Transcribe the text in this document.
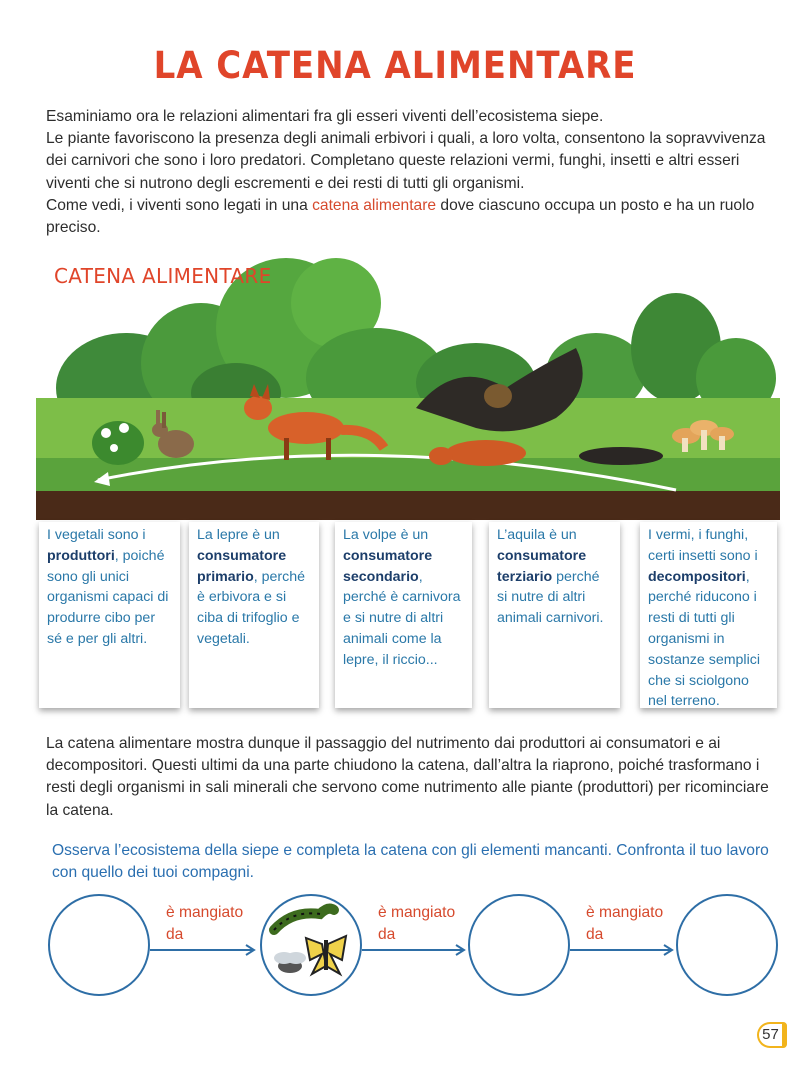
LA CATENA ALIMENTARE

Esaminiamo ora le relazioni alimentari fra gli esseri viventi dell’ecosistema siepe.

Le piante favoriscono la presenza degli animali erbivori i quali, a loro volta, consentono la sopravvivenza dei carnivori che sono i loro predatori. Completano queste relazioni vermi, funghi, insetti e altri esseri viventi che si nutrono degli escrementi e dei resti di tutti gli organismi.

Come vedi, i viventi sono legati in una catena alimentare dove ciascuno occupa un posto e ha un ruolo preciso.

CATENA ALIMENTARE
I vegetali sono i produttori, poiché sono gli unici organismi capaci di produrre cibo per sé e per gli altri.
La lepre è un consumatore primario, perché è erbivora e si ciba di trifoglio e vegetali.
La volpe è un consumatore secondario, perché è carnivora e si nutre di altri animali come la lepre, il riccio...
L’aquila è un consumatore terziario perché si nutre di altri animali carnivori.
I vermi, i funghi, certi insetti sono i decompositori, perché riducono i resti di tutti gli organismi in sostanze semplici che si sciolgono nel terreno.
La catena alimentare mostra dunque il passaggio del nutrimento dai produttori ai consumatori e ai decompositori. Questi ultimi da una parte chiudono la catena, dall’altra la riaprono, poiché trasformano i resti degli organismi in sali minerali che servono come nutrimento alle piante (produttori) per ricominciare la catena.
Osserva l’ecosistema della siepe e completa la catena con gli elementi mancanti. Confronta il tuo lavoro con quello dei tuoi compagni.
è mangiato
da
è mangiato
da
è mangiato
da
57
